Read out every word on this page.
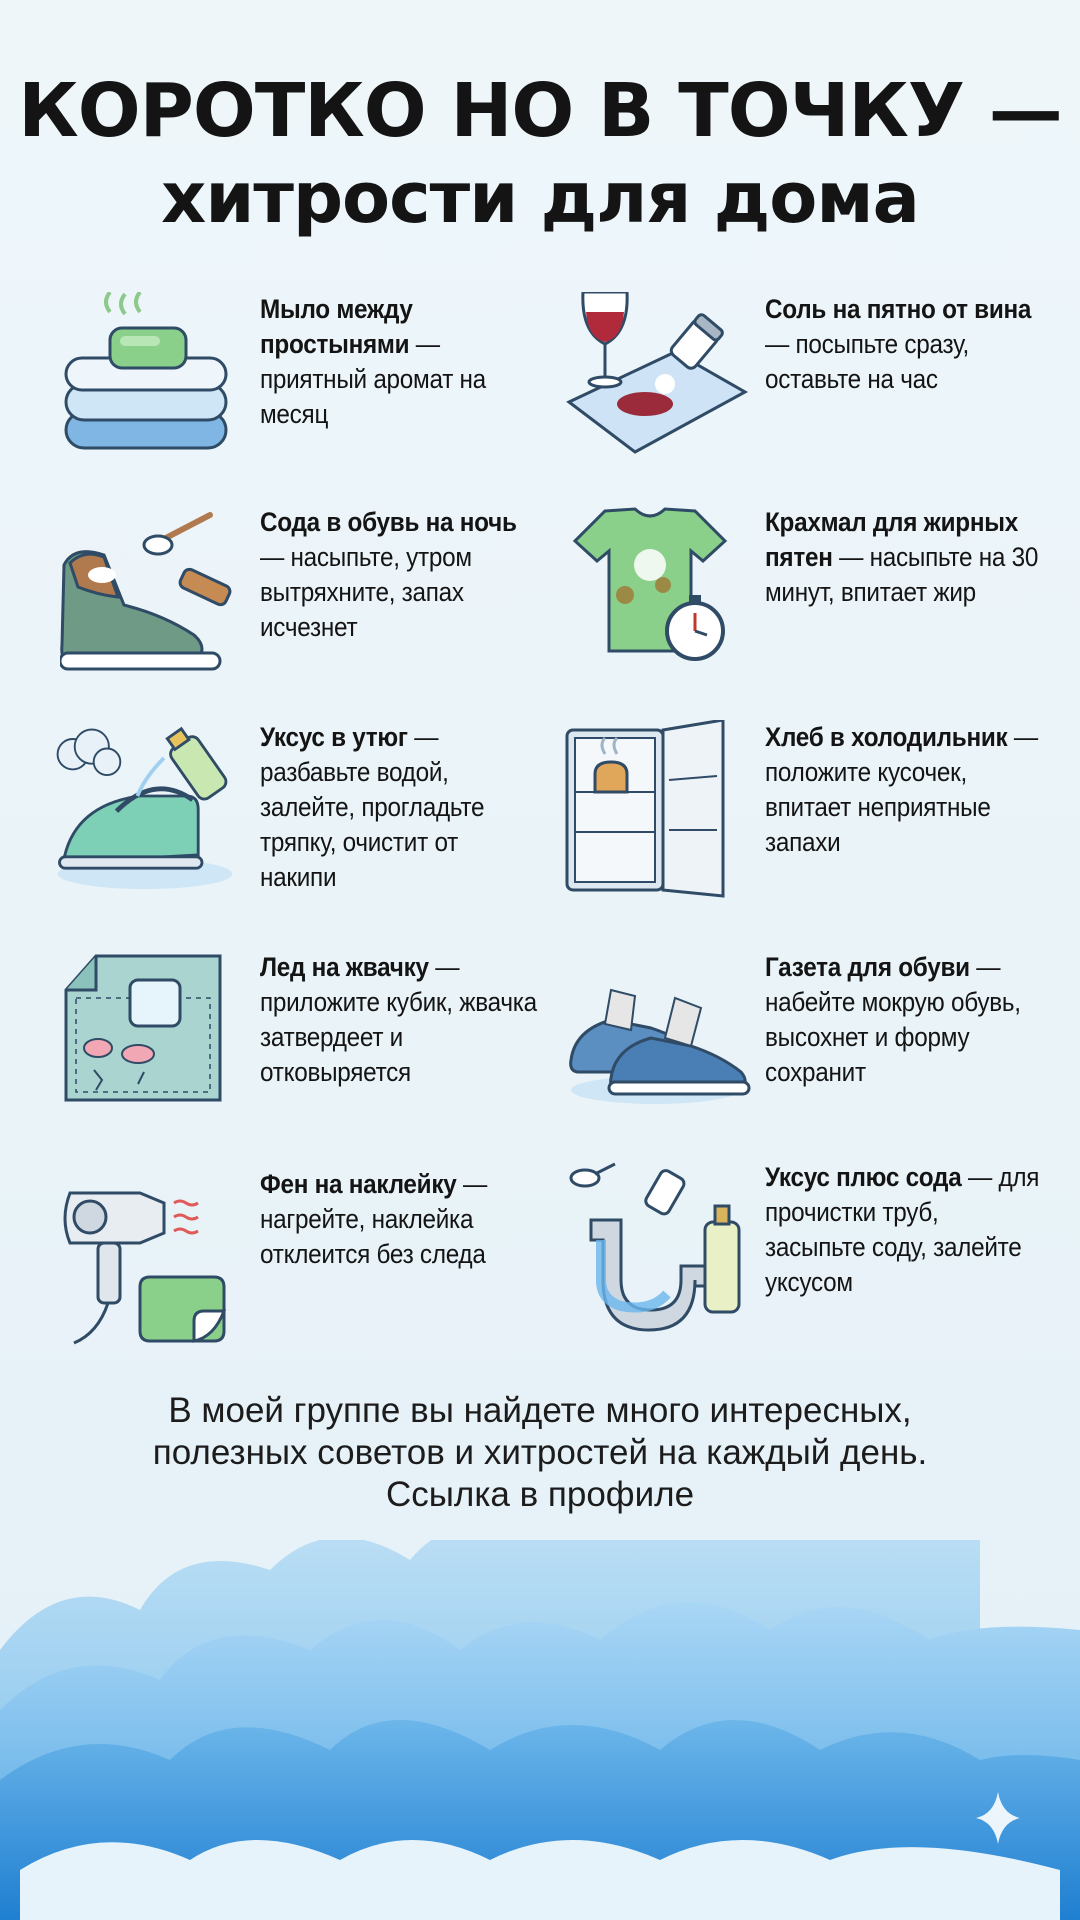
КОРОТКО НО В ТОЧКУ —
хитрости для дома
Мыло между простынями — приятный аромат на месяц
Соль на пятно от вина — посыпьте сразу, оставьте на час
Сода в обувь на ночь — насыпьте, утром вытряхните, запах исчезнет
Крахмал для жирных пятен — насыпьте на 30 минут, впитает жир
Уксус в утюг — разбавьте водой, залейте, прогладьте тряпку, очистит от накипи
Хлеб в холодильник — положите кусочек, впитает неприятные запахи
Лед на жвачку — приложите кубик, жвачка затвердеет и отковыряется
Газета для обуви — набейте мокрую обувь, высохнет и форму сохранит
Фен на наклейку — нагрейте, наклейка отклеится без следа
Уксус плюс сода — для прочистки труб, засыпьте соду, залейте уксусом
В моей группе вы найдете много интересных,
полезных советов и хитростей на каждый день.
Ссылка в профиле
